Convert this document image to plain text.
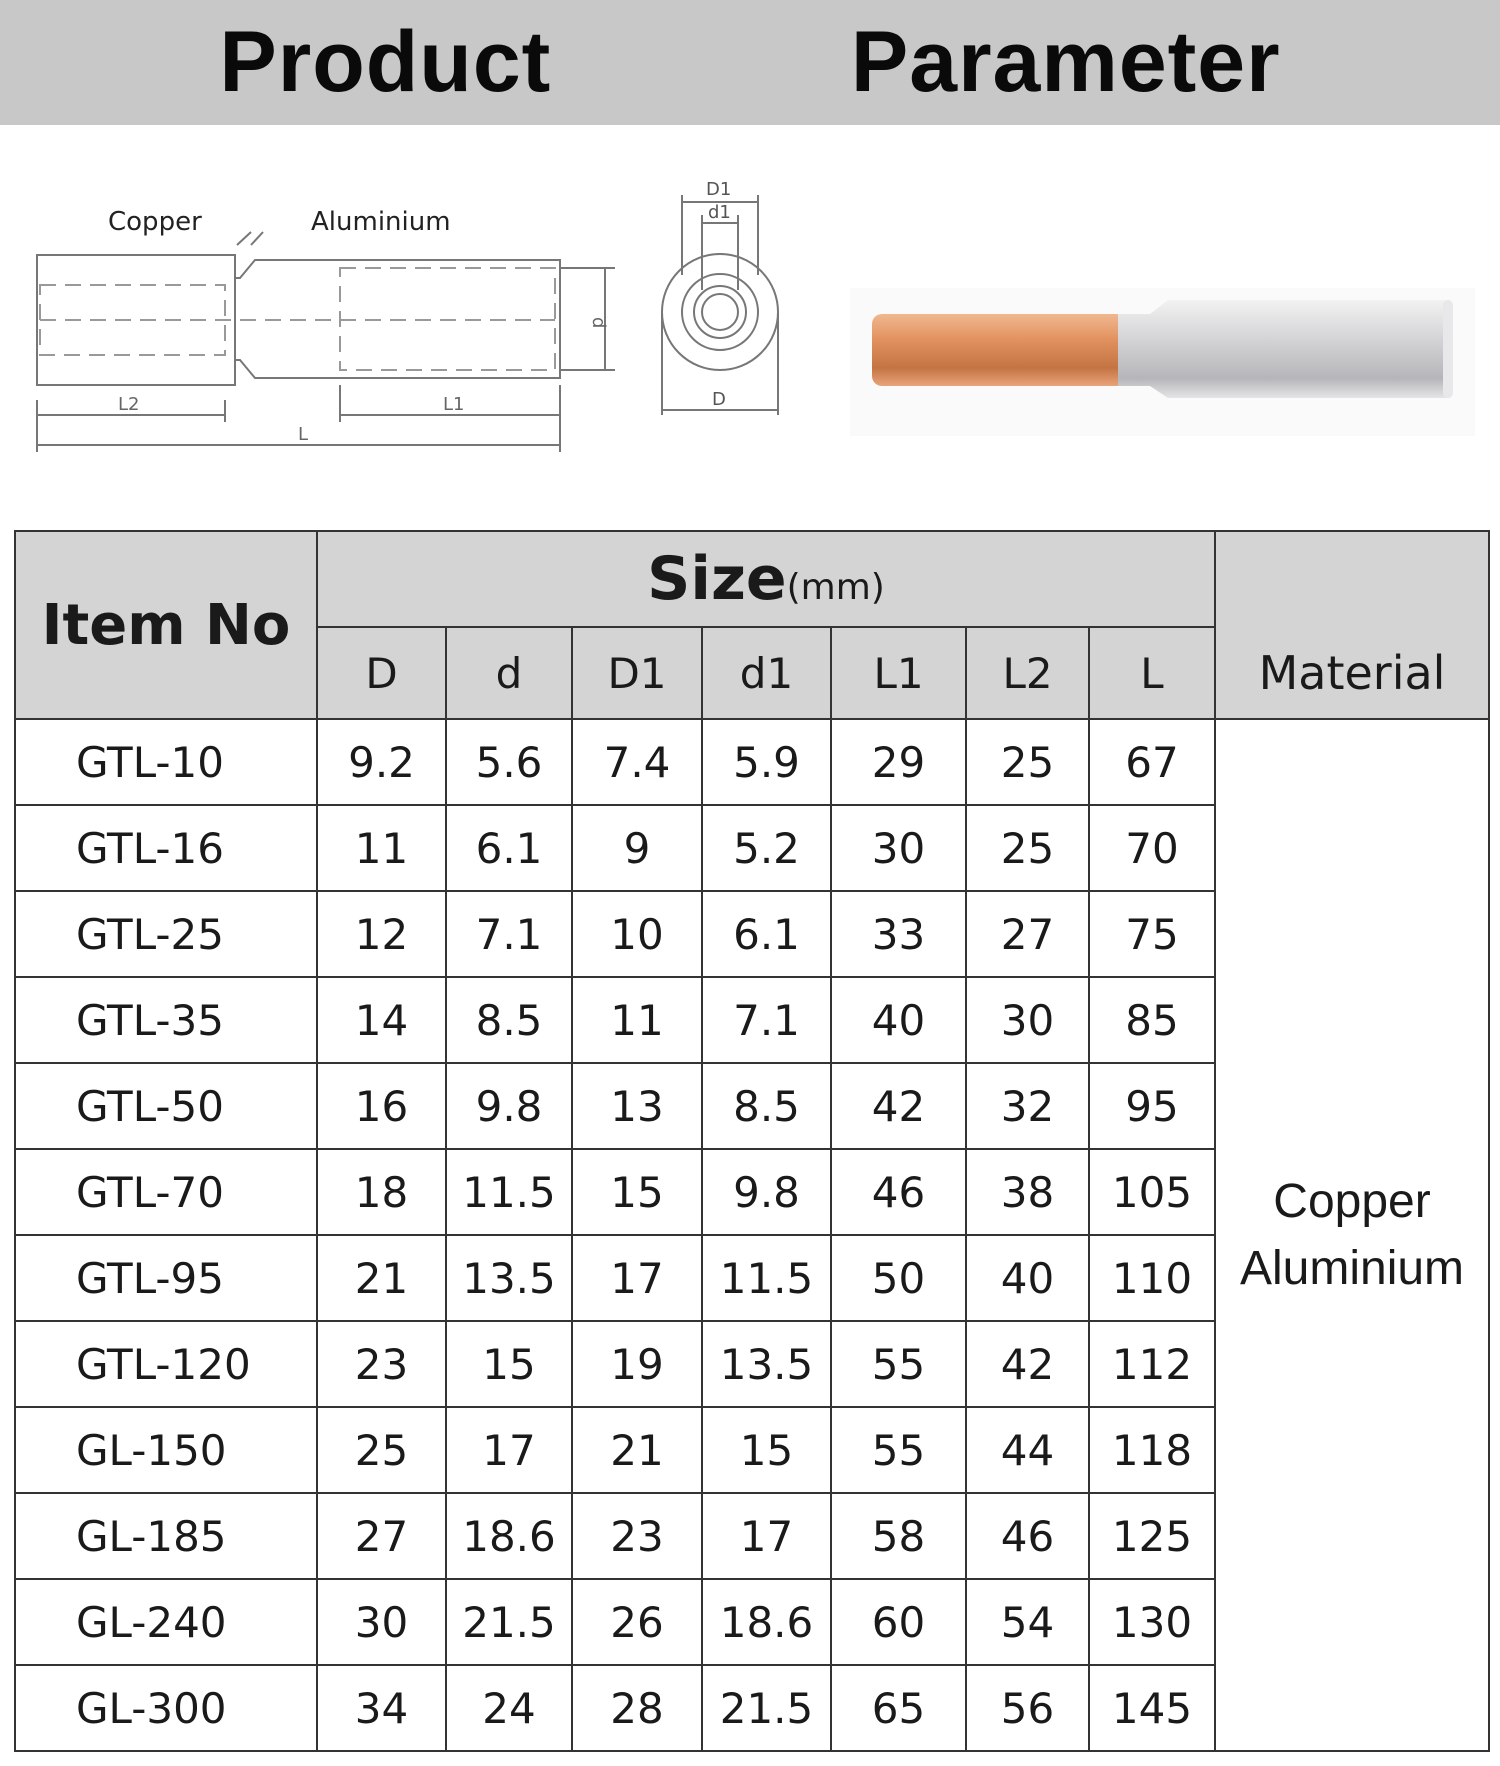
Product    Parameter
Copper	Aluminium
d
L2	L1
L
D1
d1
D
Item No	Size(mm)							
	D	d	D1	d1	L1	L2	L	Material
GTL-10	9.2	5.6	7.4	5.9	29	25	67	Copper
Aluminium

GTL-16	11	6.1	9	5.2	30	25	70	
GTL-25	12	7.1	10	6.1	33	27	75	
GTL-35	14	8.5	11	7.1	40	30	85	
GTL-50	16	9.8	13	8.5	42	32	95	
GTL-70	18	11.5	15	9.8	46	38	105	
GTL-95	21	13.5	17	11.5	50	40	110	
GTL-120	23	15	19	13.5	55	42	112	
GL-150	25	17	21	15	55	44	118	
GL-185	27	18.6	23	17	58	46	125	
GL-240	30	21.5	26	18.6	60	54	130	
GL-300	34	24	28	21.5	65	56	145	
